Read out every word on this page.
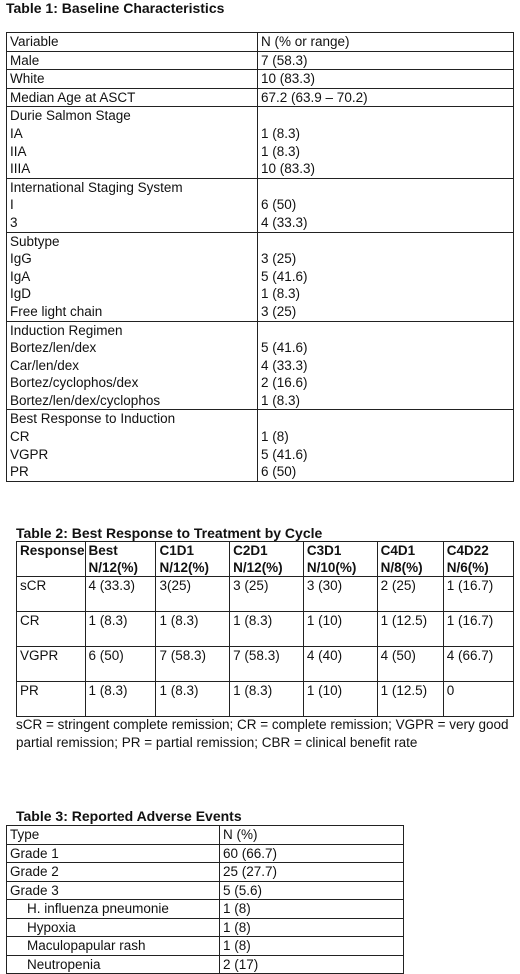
Table 1: Baseline Characteristics
Variable	N (% or range)
Male	7 (58.3)
White	10 (83.3)
Median Age at ASCT	67.2 (63.9 – 70.2)
Durie Salmon Stage	
IA	1 (8.3)
IIA	1 (8.3)
IIIA	10 (83.3)
International Staging System	
I	6 (50)
3	4 (33.3)
Subtype	
IgG	3 (25)
IgA	5 (41.6)
IgD	1 (8.3)
Free light chain	3 (25)
Induction Regimen	
Bortez/len/dex	5 (41.6)
Car/len/dex	4 (33.3)
Bortez/cyclophos/dex	2 (16.6)
Bortez/len/dex/cyclophos	1 (8.3)
Best Response to Induction	
CR	1 (8)
VGPR	5 (41.6)
PR	6 (50)
Table 2: Best Response to Treatment by Cycle
Response	Best N/12(%)	C1D1 N/12(%)	C2D1 N/12(%)	C3D1 N/10(%)	C4D1 N/8(%)	C4D22 N/6(%)
sCR	4 (33.3)	3(25)	3 (25)	3 (30)	2 (25)	1 (16.7)
CR	1 (8.3)	1 (8.3)	1 (8.3)	1 (10)	1 (12.5)	1 (16.7)
VGPR	6 (50)	7 (58.3)	7 (58.3)	4 (40)	4 (50)	4 (66.7)
PR	1 (8.3)	1 (8.3)	1 (8.3)	1 (10)	1 (12.5)	0

sCR = stringent complete remission; CR = complete remission; VGPR = very good partial remission; PR = partial remission; CBR = clinical benefit rate

Table 3: Reported Adverse Events
Type	N (%)
Grade 1	60 (66.7)
Grade 2	25 (27.7)
Grade 3	5 (5.6)
H. influenza pneumonie	1 (8)
Hypoxia	1 (8)
Maculopapular rash	1 (8)
Neutropenia	2 (17)
